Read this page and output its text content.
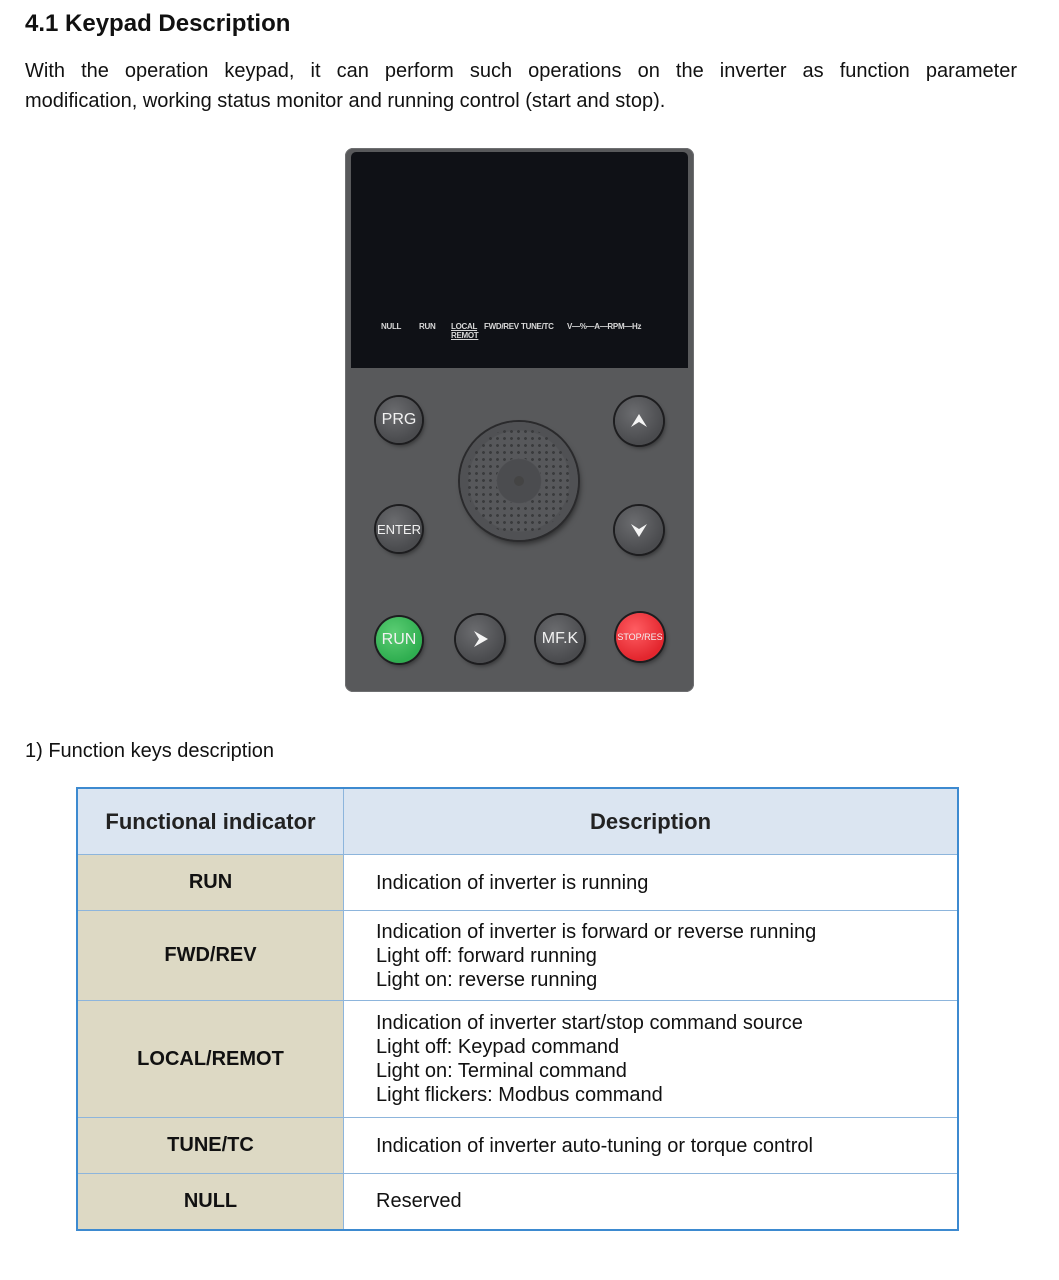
4.1 Keypad Description

With the operation keypad, it can perform such operations on the inverter as function parameter
modification, working status monitor and running control (start and stop).

NULL RUN LOCAL
REMOT
FWD/REV TUNE/TC V—%—A—RPM—Hz
PRG
ENTER
RUN	MF.K	STOP/RES

1) Function keys description

Functional indicator	Description
RUN	Indication of inverter is running

FWD/REV	Indication of inverter is forward or reverse running
Light off: forward running
Light on: reverse running

LOCAL/REMOT	Indication of inverter start/stop command source
Light off: Keypad command
Light on: Terminal command
Light flickers: Modbus command

TUNE/TC	Indication of inverter auto-tuning or torque control

NULL	Reserved
